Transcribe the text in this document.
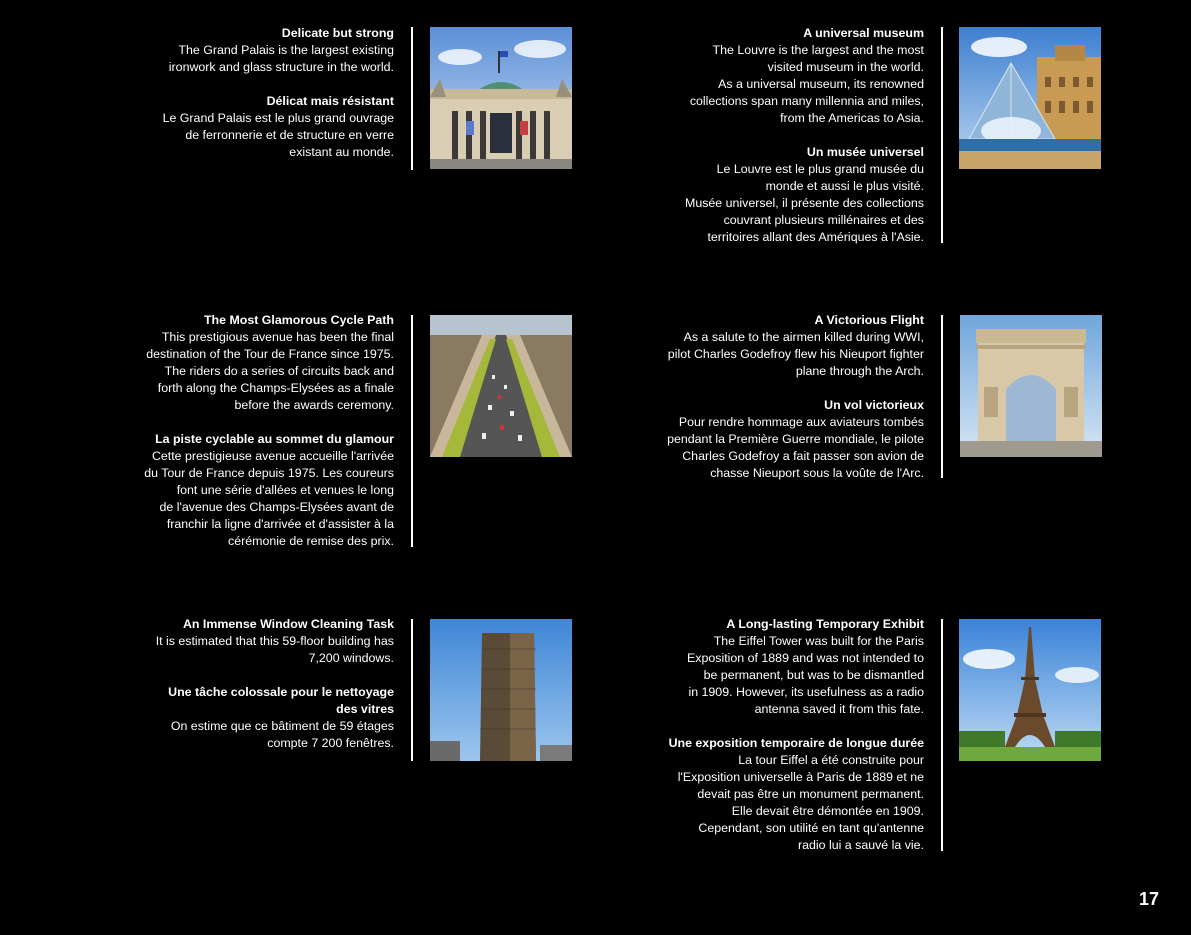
Delicate but strong
The Grand Palais is the largest existing
ironwork and glass structure in the world.

Délicat mais résistant
Le Grand Palais est le plus grand ouvrage
de ferronnerie et de structure en verre
existant au monde.

A universal museum
The Louvre is the largest and the most
visited museum in the world.
As a universal museum, its renowned
collections span many millennia and miles,
from the Americas to Asia.

Un musée universel
Le Louvre est le plus grand musée du
monde et aussi le plus visité.
Musée universel, il présente des collections
couvrant plusieurs millénaires et des
territoires allant des Amériques à l'Asie.

The Most Glamorous Cycle Path
This prestigious avenue has been the final
destination of the Tour de France since 1975.
The riders do a series of circuits back and
forth along the Champs-Elysées as a finale
before the awards ceremony.

La piste cyclable au sommet du glamour
Cette prestigieuse avenue accueille l'arrivée
du Tour de France depuis 1975. Les coureurs
font une série d'allées et venues le long
de l'avenue des Champs-Elysées avant de
franchir la ligne d'arrivée et d'assister à la
cérémonie de remise des prix.

A Victorious Flight
As a salute to the airmen killed during WWI,
pilot Charles Godefroy flew his Nieuport fighter
plane through the Arch.

Un vol victorieux
Pour rendre hommage aux aviateurs tombés
pendant la Première Guerre mondiale, le pilote
Charles Godefroy a fait passer son avion de
chasse Nieuport sous la voûte de l'Arc.

An Immense Window Cleaning Task
It is estimated that this 59-floor building has
7,200 windows.

Une tâche colossale pour le nettoyage
des vitres
On estime que ce bâtiment de 59 étages
compte 7 200 fenêtres.

A Long-lasting Temporary Exhibit
The Eiffel Tower was built for the Paris
Exposition of 1889 and was not intended to
be permanent, but was to be dismantled
in 1909. However, its usefulness as a radio
antenna saved it from this fate.

Une exposition temporaire de longue durée
La tour Eiffel a été construite pour
l'Exposition universelle à Paris de 1889 et ne
devait pas être un monument permanent.
Elle devait être démontée en 1909.
Cependant, son utilité en tant qu'antenne
radio lui a sauvé la vie.

17
